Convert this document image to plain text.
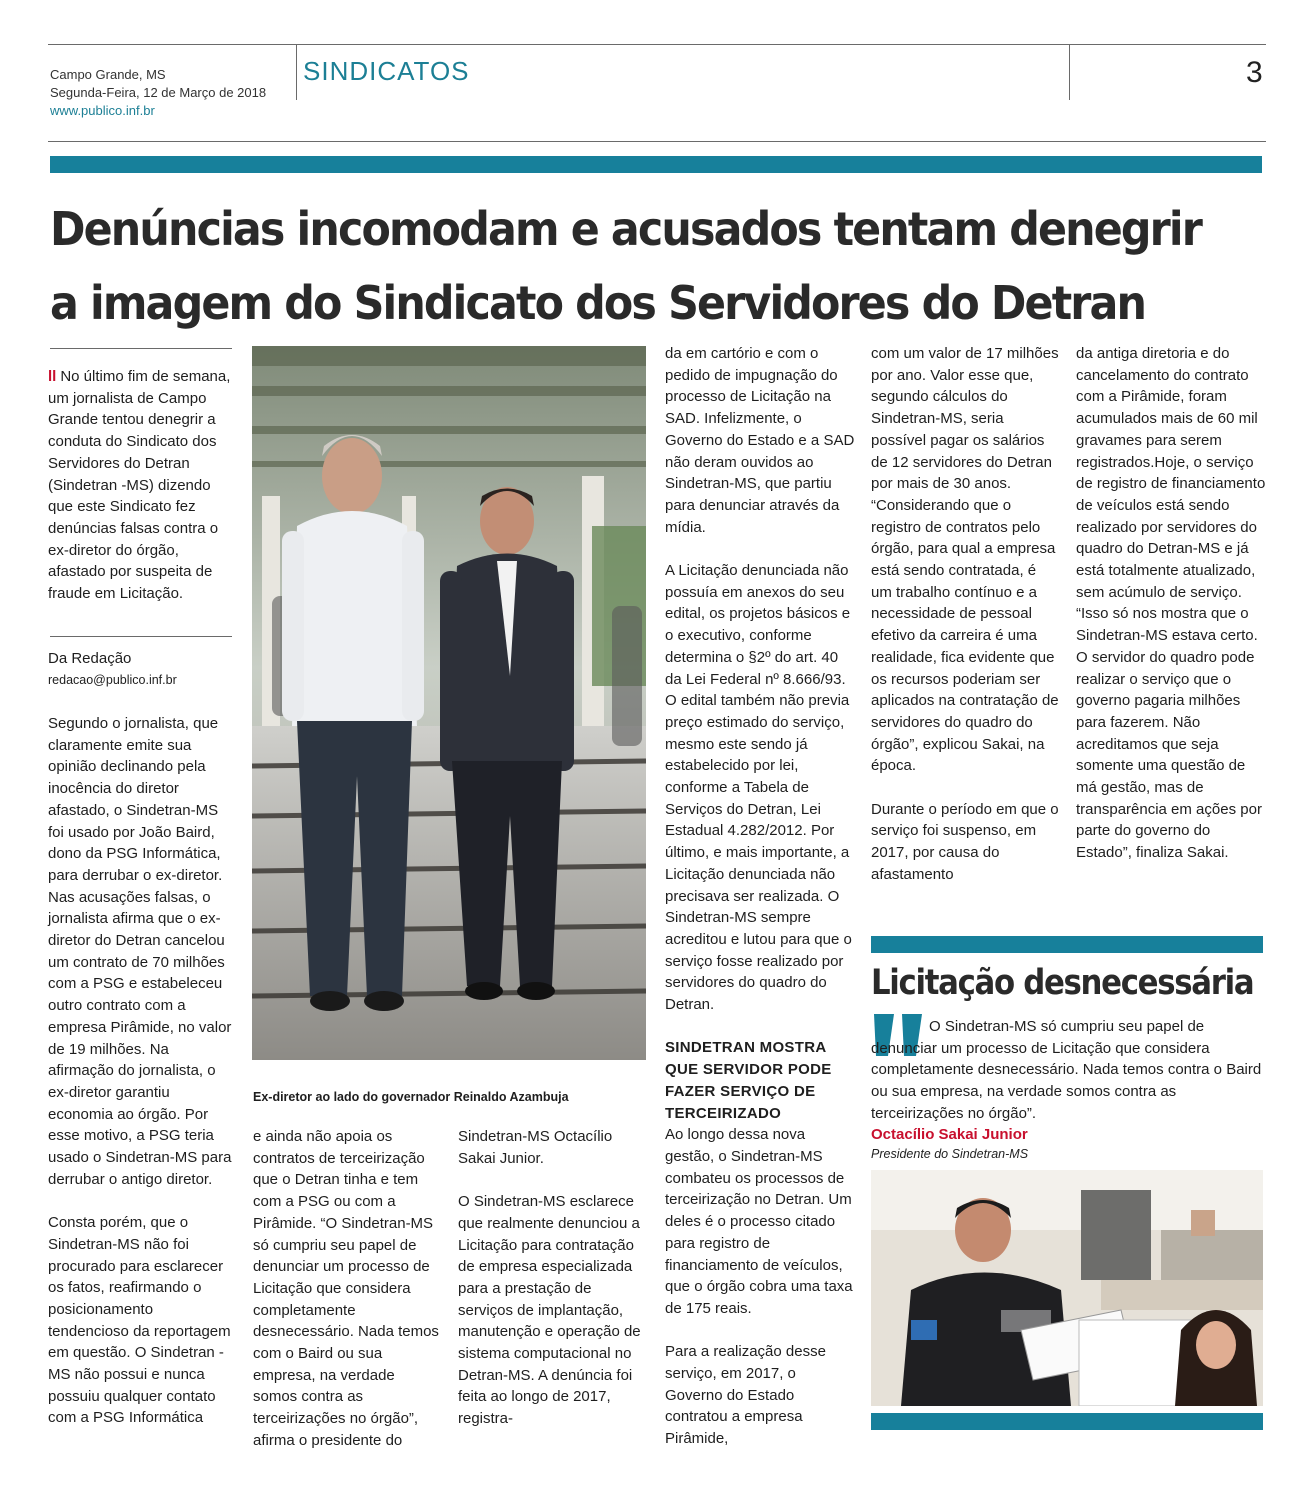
Campo Grande, MS
Segunda-Feira, 12 de Março de 2018
www.publico.inf.br
SINDICATOS	3
Denúncias incomodam e acusados tentam denegrir
a imagem do Sindicato dos Servidores do Detran

ll No último fim de semana, um jornalista de Campo Grande tentou denegrir a conduta do Sindicato dos Servidores do Detran (Sindetran -MS) dizendo que este Sindicato fez denúncias falsas contra o ex-diretor do órgão, afastado por suspeita de fraude em Licitação.

Da Redação

redacao@publico.inf.br

Segundo o jornalista, que claramente emite sua opinião declinando pela inocência do diretor afastado, o Sindetran-MS foi usado por João Baird, dono da PSG Informática, para derrubar o ex-diretor. Nas acusações falsas, o jornalista afirma que o ex-diretor do Detran cancelou um contrato de 70 milhões com a PSG e estabeleceu outro contrato com a empresa Pirâmide, no valor de 19 milhões. Na afirmação do jornalista, o ex-diretor garantiu economia ao órgão. Por esse motivo, a PSG teria usado o Sindetran-MS para derrubar o antigo diretor.

Consta porém, que o Sindetran-MS não foi procurado para esclarecer os fatos, reafirmando o posicionamento tendencioso da reportagem em questão. O Sindetran -MS não possui e nunca possuiu qualquer contato com a PSG Informática

Ex-diretor ao lado do governador Reinaldo Azambuja

e ainda não apoia os contratos de terceirização que o Detran tinha e tem com a PSG ou com a Pirâmide. “O Sindetran-MS só cumpriu seu papel de denunciar um processo de Licitação que considera completamente desnecessário. Nada temos com o Baird ou sua empresa, na verdade somos contra as terceirizações no órgão”, afirma o presidente do

Sindetran-MS Octacílio Sakai Junior.

O Sindetran-MS esclarece que realmente denunciou a Licitação para contratação de empresa especializada para a prestação de serviços de implantação, manutenção e operação de sistema computacional no Detran-MS. A denúncia foi feita ao longo de 2017, registra-

da em cartório e com o pedido de impugnação do processo de Licitação na SAD. Infelizmente, o Governo do Estado e a SAD não deram ouvidos ao Sindetran-MS, que partiu para denunciar através da mídia.

A Licitação denunciada não possuía em anexos do seu edital, os projetos básicos e o executivo, conforme determina o §2º do art. 40 da Lei Federal nº 8.666/93. O edital também não previa preço estimado do serviço, mesmo este sendo já estabelecido por lei, conforme a Tabela de Serviços do Detran, Lei Estadual 4.282/2012. Por último, e mais importante, a Licitação denunciada não precisava ser realizada. O Sindetran-MS sempre acreditou e lutou para que o serviço fosse realizado por servidores do quadro do Detran.

SINDETRAN MOSTRA QUE SERVIDOR PODE FAZER SERVIÇO DE TERCEIRIZADO

Ao longo dessa nova gestão, o Sindetran-MS combateu os processos de terceirização no Detran. Um deles é o processo citado para registro de financiamento de veículos, que o órgão cobra uma taxa de 175 reais.

Para a realização desse serviço, em 2017, o Governo do Estado contratou a empresa Pirâmide,

com um valor de 17 milhões por ano. Valor esse que, segundo cálculos do Sindetran-MS, seria possível pagar os salários de 12 servidores do Detran por mais de 30 anos. “Considerando que o registro de contratos pelo órgão, para qual a empresa está sendo contratada, é um trabalho contínuo e a necessidade de pessoal efetivo da carreira é uma realidade, fica evidente que os recursos poderiam ser aplicados na contratação de servidores do quadro do órgão”, explicou Sakai, na época.

Durante o período em que o serviço foi suspenso, em 2017, por causa do afastamento

da antiga diretoria e do cancelamento do contrato com a Pirâmide, foram acumulados mais de 60 mil gravames para serem registrados.Hoje, o serviço de registro de financiamento de veículos está sendo realizado por servidores do quadro do Detran-MS e já está totalmente atualizado, sem acúmulo de serviço. “Isso só nos mostra que o Sindetran-MS estava certo. O servidor do quadro pode realizar o serviço que o governo pagaria milhões para fazerem. Não acreditamos que seja somente uma questão de má gestão, mas de transparência em ações por parte do governo do Estado”, finaliza Sakai.

Licitação desnecessária
O Sindetran-MS só cumpriu seu papel de denunciar um processo de Licitação que considera completamente desnecessário. Nada temos contra o Baird ou sua empresa, na verdade somos contra as terceirizações no órgão”.
Octacílio Sakai Junior
Presidente do Sindetran-MS
